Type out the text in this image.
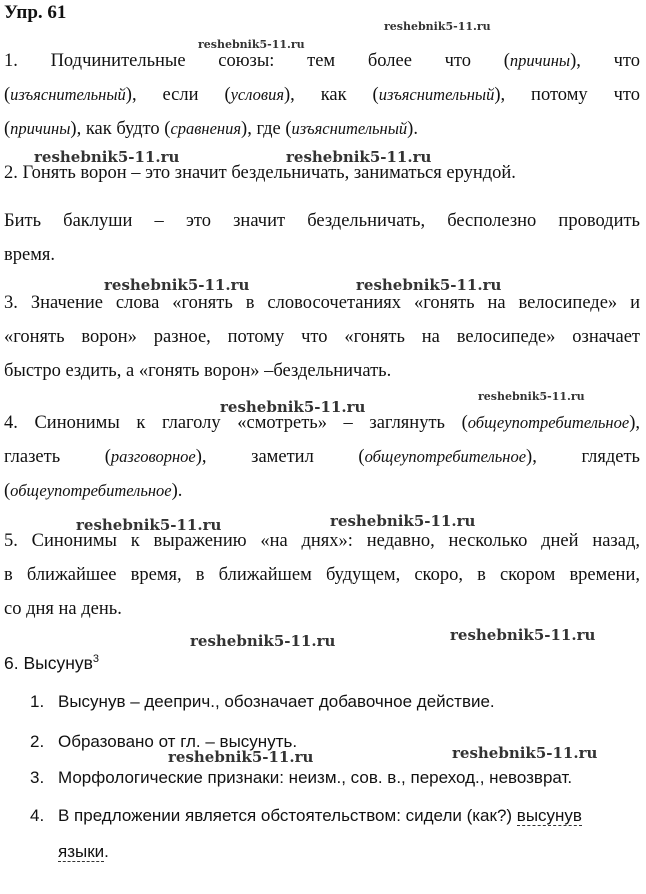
Упр. 61
reshebnik5-11.ru
reshebnik5-11.ru
reshebnik5-11.ru	reshebnik5-11.ru
reshebnik5-11.ru	reshebnik5-11.ru
reshebnik5-11.ru
reshebnik5-11.ru
reshebnik5-11.ru	reshebnik5-11.ru
reshebnik5-11.ru	reshebnik5-11.ru
reshebnik5-11.ru	reshebnik5-11.ru
1. Подчинительные союзы: тем более что (причины), что
(изъяснительный), если (условия), как (изъяснительный), потому что
(причины), как будто (сравнения), где (изъяснительный).
2. Гонять ворон – это значит бездельничать, заниматься ерундой.
Бить баклуши – это значит бездельничать, бесполезно проводить
время.
3. Значение слова «гонять в словосочетаниях «гонять на велосипеде» и
«гонять ворон» разное, потому что «гонять на велосипеде» означает
быстро ездить, а «гонять ворон» –бездельничать.
4. Синонимы к глаголу «смотреть» – заглянуть (общеупотребительное),
глазеть (разговорное), заметил (общеупотребительное), глядеть
(общеупотребительное).
5. Синонимы к выражению «на днях»: недавно, несколько дней назад,
в ближайшее время, в ближайшем будущем, скоро, в скором времени,
со дня на день.
6. Высунув$^3$
1. Высунув – дееприч., обозначает добавочное действие.
2. Образовано от гл. – высунуть.
3. Морфологические признаки: неизм., сов. в., переход., невозврат.
4. В предложении является обстоятельством: сидели (как?) высунув
языки.
